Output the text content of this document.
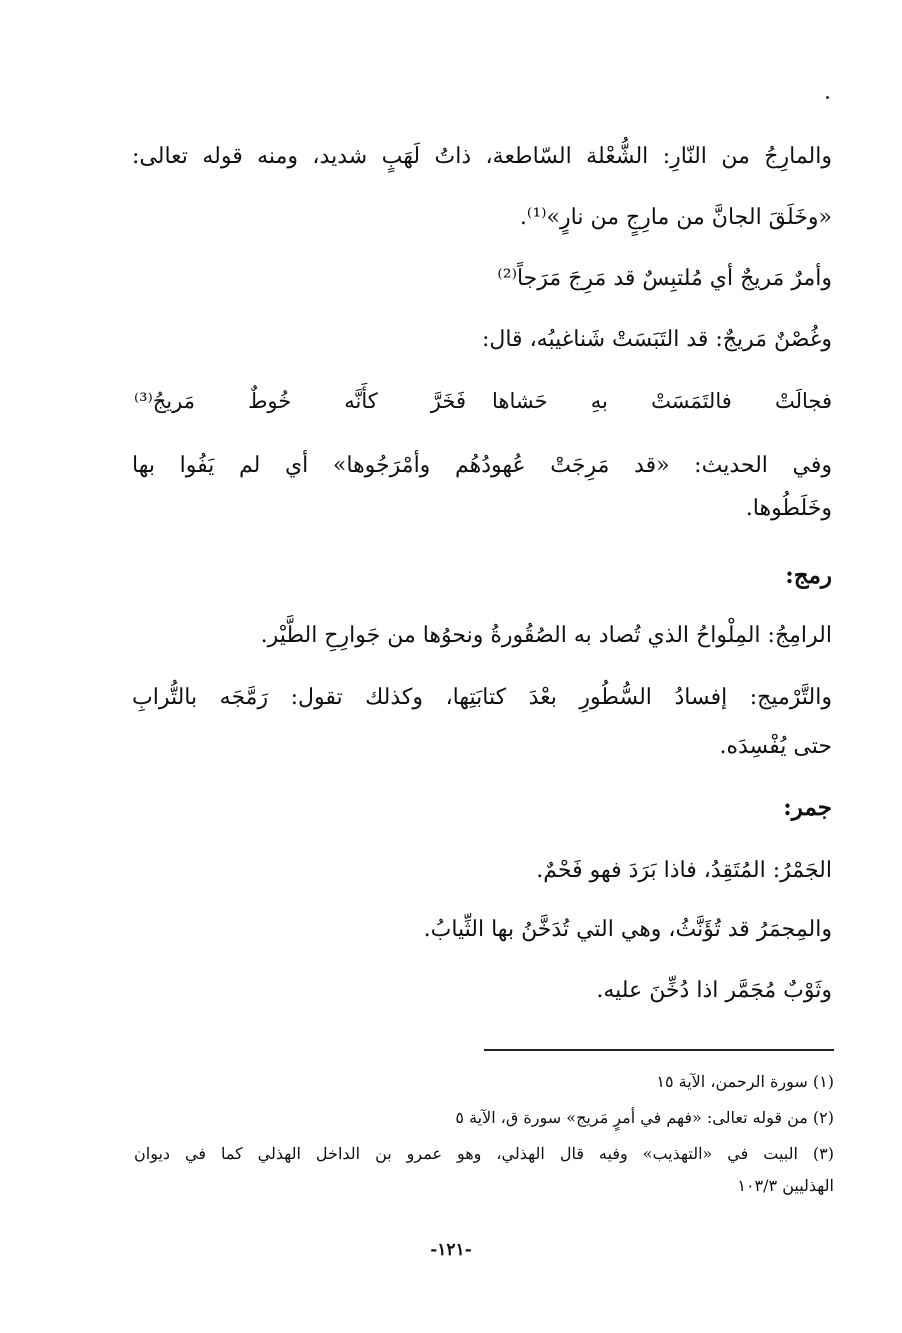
والمارِجُ من النّارِ: الشُّعْلة السّاطعة، ذاتُ لَهَبٍ شديد، ومنه قوله تعالى:
«وخَلَقَ الجانَّ من مارِجٍ من نارٍ»⁽¹⁾.
وأمرٌ مَريجٌ أي مُلتبِسٌ قد مَرِجَ مَرَجاً⁽²⁾
وغُصْنٌ مَريجٌ: قد التَبَسَتْ شَناغيبُه، قال:
فجالَتْ فالتَمَسَتْ بهِ حَشاها
فَخَرَّ كأَنَّه خُوطٌ مَريجُ⁽³⁾
وفي الحديث: «قد مَرِجَتْ عُهودُهُم وأمْرَجُوها» أي لم يَفُوا بها
وخَلَطُوها.
رمج:
الرامِجُ: المِلْواحُ الذي تُصاد به الصُقُورةُ ونحوُها من جَوارِحِ الطَّيْر.
والتَّرْميج: إفسادُ السُّطُورِ بعْدَ كتابَتِها، وكذلك تقول: رَمَّجَه بالتُّرابِ
حتى يُفْسِدَه.
جمر:
الجَمْرُ: المُتَقِدُ، فاذا بَرَدَ فهو فَحْمٌ.
والمِجمَرُ قد تُؤَنَّثُ، وهي التي تُدَخَّنُ بها الثِّيابُ.
وثَوْبٌ مُجَمَّر اذا دُخِّنَ عليه.
(١) سورة الرحمن، الآية ١٥
(٢) من قوله تعالى: «فهم في أمرٍ مَريج» سورة ق، الآية ٥
(٣) البيت في «التهذيب» وفيه قال الهذلي، وهو عمرو بن الداخل الهذلي كما في ديوان
الهذليين ١٠٣/٣
-١٢١-
